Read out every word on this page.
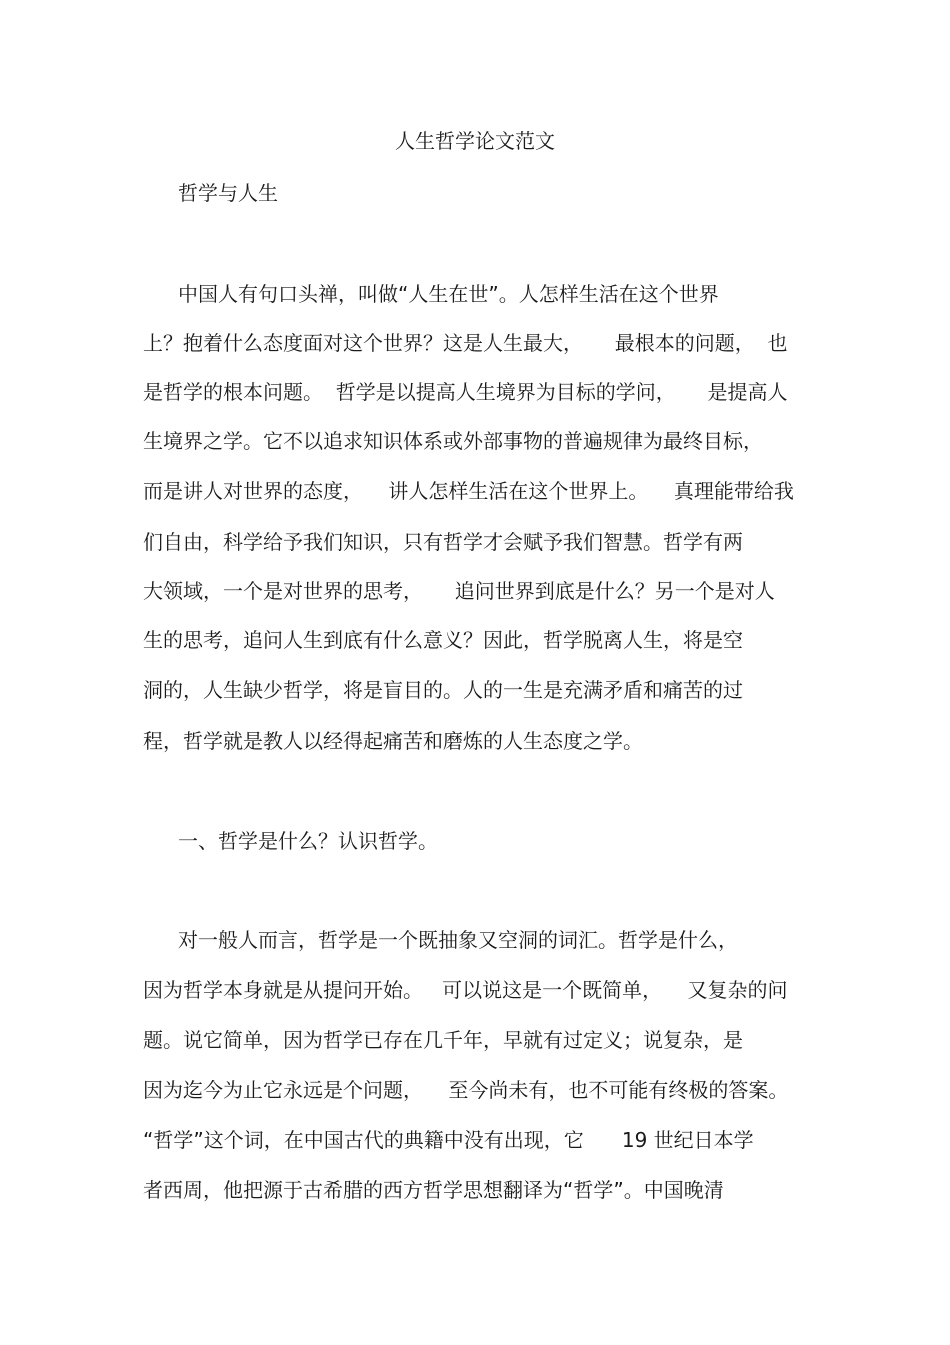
人生哲学论文范文
哲学与人生
中国人有句口头禅，叫做“人生在世”。人怎样生活在这个世界
上？抱着什么态度面对这个世界？这是人生最大，     最根本的问题，  也
是哲学的根本问题。  哲学是以提高人生境界为目标的学问，     是提高人
生境界之学。它不以追求知识体系或外部事物的普遍规律为最终目标，
而是讲人对世界的态度，    讲人怎样生活在这个世界上。    真理能带给我
们自由，科学给予我们知识，只有哲学才会赋予我们智慧。哲学有两
大领域，一个是对世界的思考，     追问世界到底是什么？另一个是对人
生的思考，追问人生到底有什么意义？因此，哲学脱离人生，将是空
洞的，人生缺少哲学，将是盲目的。人的一生是充满矛盾和痛苦的过
程，哲学就是教人以经得起痛苦和磨炼的人生态度之学。
一、哲学是什么？认识哲学。
对一般人而言，哲学是一个既抽象又空洞的词汇。哲学是什么，
因为哲学本身就是从提问开始。   可以说这是一个既简单，    又复杂的问
题。说它简单，因为哲学已存在几千年，早就有过定义；说复杂，是
因为迄今为止它永远是个问题，    至今尚未有，也不可能有终极的答案。
“哲学”这个词，在中国古代的典籍中没有出现，它      19 世纪日本学
者西周，他把源于古希腊的西方哲学思想翻译为“哲学”。中国晚清
